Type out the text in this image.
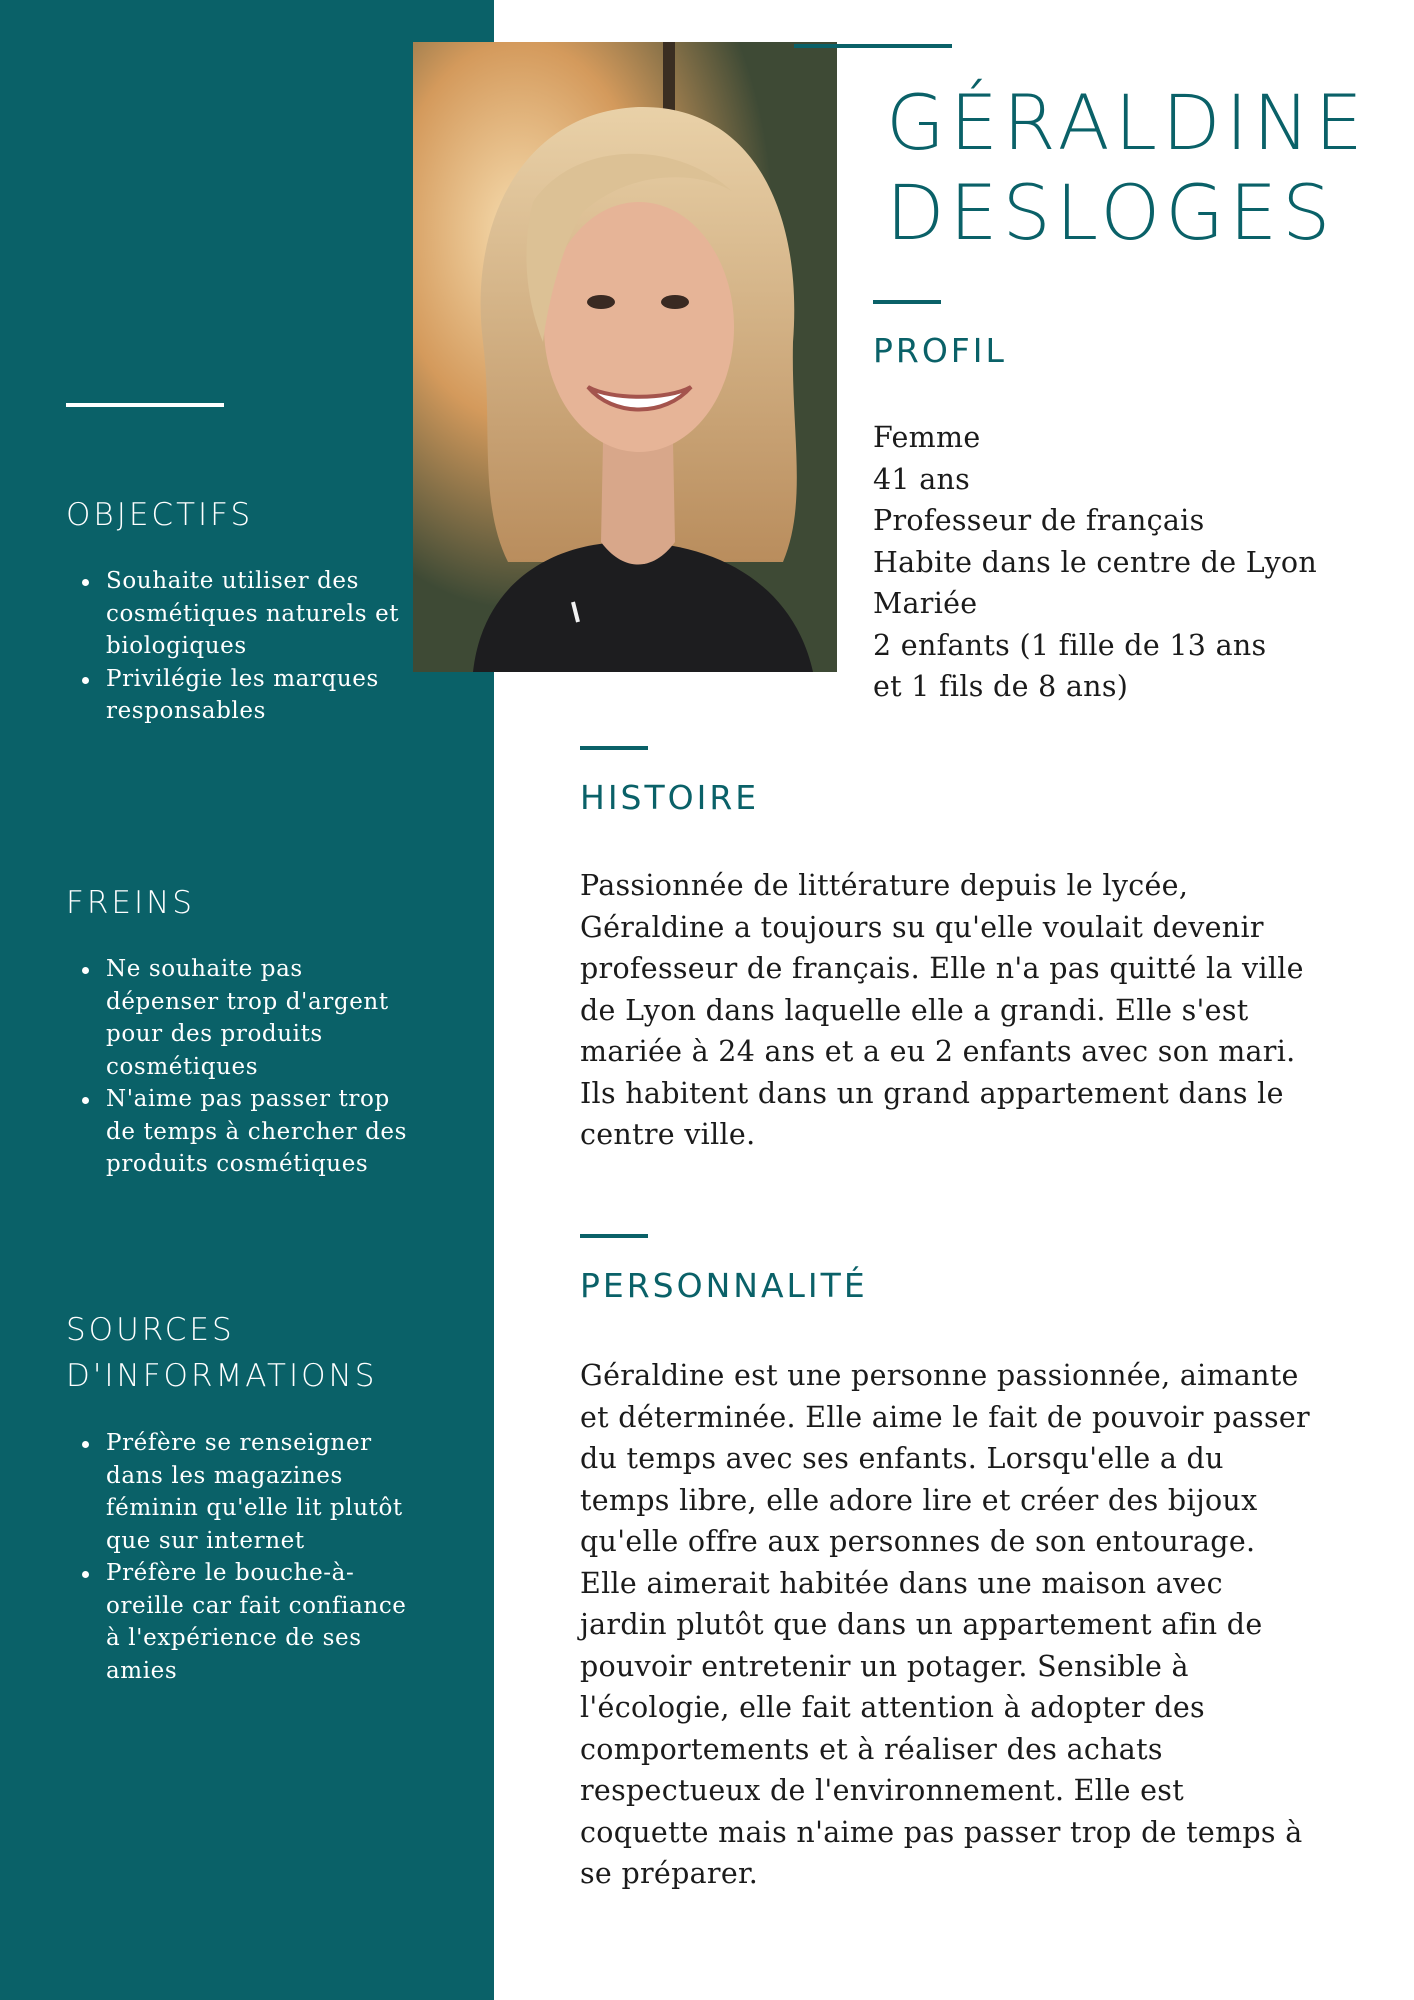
OBJECTIFS
Souhaite utiliser des cosmétiques naturels et biologiques
Privilégie les marques responsables
FREINS
Ne souhaite pas dépenser trop d'argent pour des produits cosmétiques
N'aime pas passer trop de temps à chercher des produits cosmétiques
SOURCES
D'INFORMATIONS
Préfère se renseigner dans les magazines féminin qu'elle lit plutôt que sur internet
Préfère le bouche-à-oreille car fait confiance à l'expérience de ses amies
GÉRALDINE
DESLOGES
PROFIL
Femme
41 ans
Professeur de français
Habite dans le centre de Lyon
Mariée
2 enfants (1 fille de 13 ans
et 1 fils de 8 ans)
HISTOIRE
Passionnée de littérature depuis le lycée, Géraldine a toujours su qu'elle voulait devenir professeur de français. Elle n'a pas quitté la ville de Lyon dans laquelle elle a grandi. Elle s'est mariée à 24 ans et a eu 2 enfants avec son mari. Ils habitent dans un grand appartement dans le centre ville.
PERSONNALITÉ
Géraldine est une personne passionnée, aimante et déterminée. Elle aime le fait de pouvoir passer du temps avec ses enfants. Lorsqu'elle a du temps libre, elle adore lire et créer des bijoux qu'elle offre aux personnes de son entourage. Elle aimerait habitée dans une maison avec jardin plutôt que dans un appartement afin de pouvoir entretenir un potager. Sensible à l'écologie, elle fait attention à adopter des comportements et à réaliser des achats respectueux de l'environnement. Elle est coquette mais n'aime pas passer trop de temps à se préparer.
